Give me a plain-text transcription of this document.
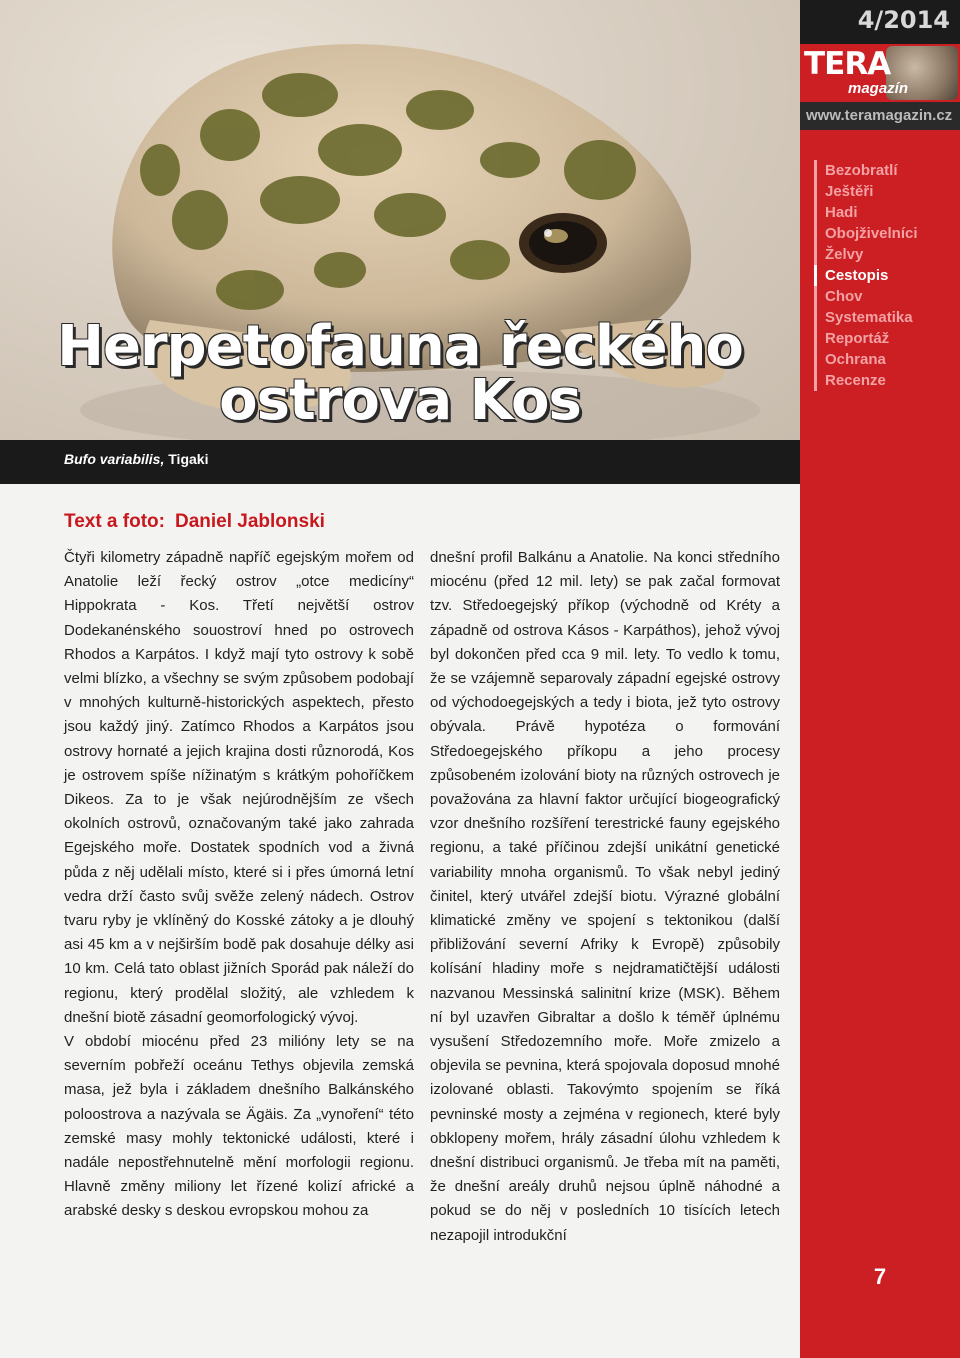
Herpetofauna řeckého
ostrova Kos
Bufo variabilis, Tigaki
4/2014
TERA
magazín
www.teramagazin.cz
Bezobratlí
Ještěři
Hadi
Obojživelníci
Želvy
Cestopis
Chov
Systematika
Reportáž
Ochrana
Recenze
7
Text a foto: Daniel Jablonski

Čtyři kilometry západně napříč egejským mořem od Anatolie leží řecký ostrov „otce medicíny“ Hippokrata - Kos. Třetí největší ostrov Dodekanénského souostroví hned po ostrovech Rhodos a Karpátos. I když mají tyto ostrovy k sobě velmi blízko, a všechny se svým způsobem podobají v mnohých kulturně-historických aspektech, přesto jsou každý jiný. Zatímco Rhodos a Karpátos jsou ostrovy hornaté a jejich krajina dosti různorodá, Kos je ostrovem spíše nížinatým s krátkým pohoříčkem Dikeos. Za to je však nejúrodnějším ze všech okolních ostrovů, označovaným také jako zahrada Egejského moře. Dostatek spodních vod a živná půda z něj udělali místo, které si i přes úmorná letní vedra drží často svůj svěže zelený nádech. Ostrov tvaru ryby je vklíněný do Kosské zátoky a je dlouhý asi 45 km a v nejširším bodě pak dosahuje délky asi 10 km. Celá tato oblast jižních Sporád pak náleží do regionu, který prodělal složitý, ale vzhledem k dnešní biotě zásadní geomorfologický vývoj.

V období miocénu před 23 milióny lety se na severním pobřeží oceánu Tethys objevila zemská masa, jež byla i základem dnešního Balkánského poloostrova a nazývala se Ägäis. Za „vynoření“ této zemské masy mohly tektonické události, které i nadále nepostřehnutelně mění morfologii regionu. Hlavně změny miliony let řízené kolizí africké a arabské desky s deskou evropskou mohou za

dnešní profil Balkánu a Anatolie. Na konci středního miocénu (před 12 mil. lety) se pak začal formovat tzv. Středoegejský příkop (východně od Kréty a západně od ostrova Kásos - Karpáthos), jehož vývoj byl dokončen před cca 9 mil. lety. To vedlo k tomu, že se vzájemně separovaly západní egejské ostrovy od východoegejských a tedy i biota, jež tyto ostrovy obývala. Právě hypotéza o formování Středoegejského příkopu a jeho procesy způsobeném izolování bioty na různých ostrovech je považována za hlavní faktor určující biogeografický vzor dnešního rozšíření terestrické fauny egejského regionu, a také příčinou zdejší unikátní genetické variability mnoha organismů. To však nebyl jediný činitel, který utvářel zdejší biotu. Výrazné globální klimatické změny ve spojení s tektonikou (další přibližování severní Afriky k Evropě) způsobily kolísání hladiny moře s nejdramatičtější události nazvanou Messinská salinitní krize (MSK). Během ní byl uzavřen Gibraltar a došlo k téměř úplnému vysušení Středozemního moře. Moře zmizelo a objevila se pevnina, která spojovala doposud mnohé izolované oblasti. Takovýmto spojením se říká pevninské mosty a zejména v regionech, které byly obklopeny mořem, hrály zásadní úlohu vzhledem k dnešní distribuci organismů. Je třeba mít na paměti, že dnešní areály druhů nejsou úplně náhodné a pokud se do něj v posledních 10 tisících letech nezapojil introdukční
